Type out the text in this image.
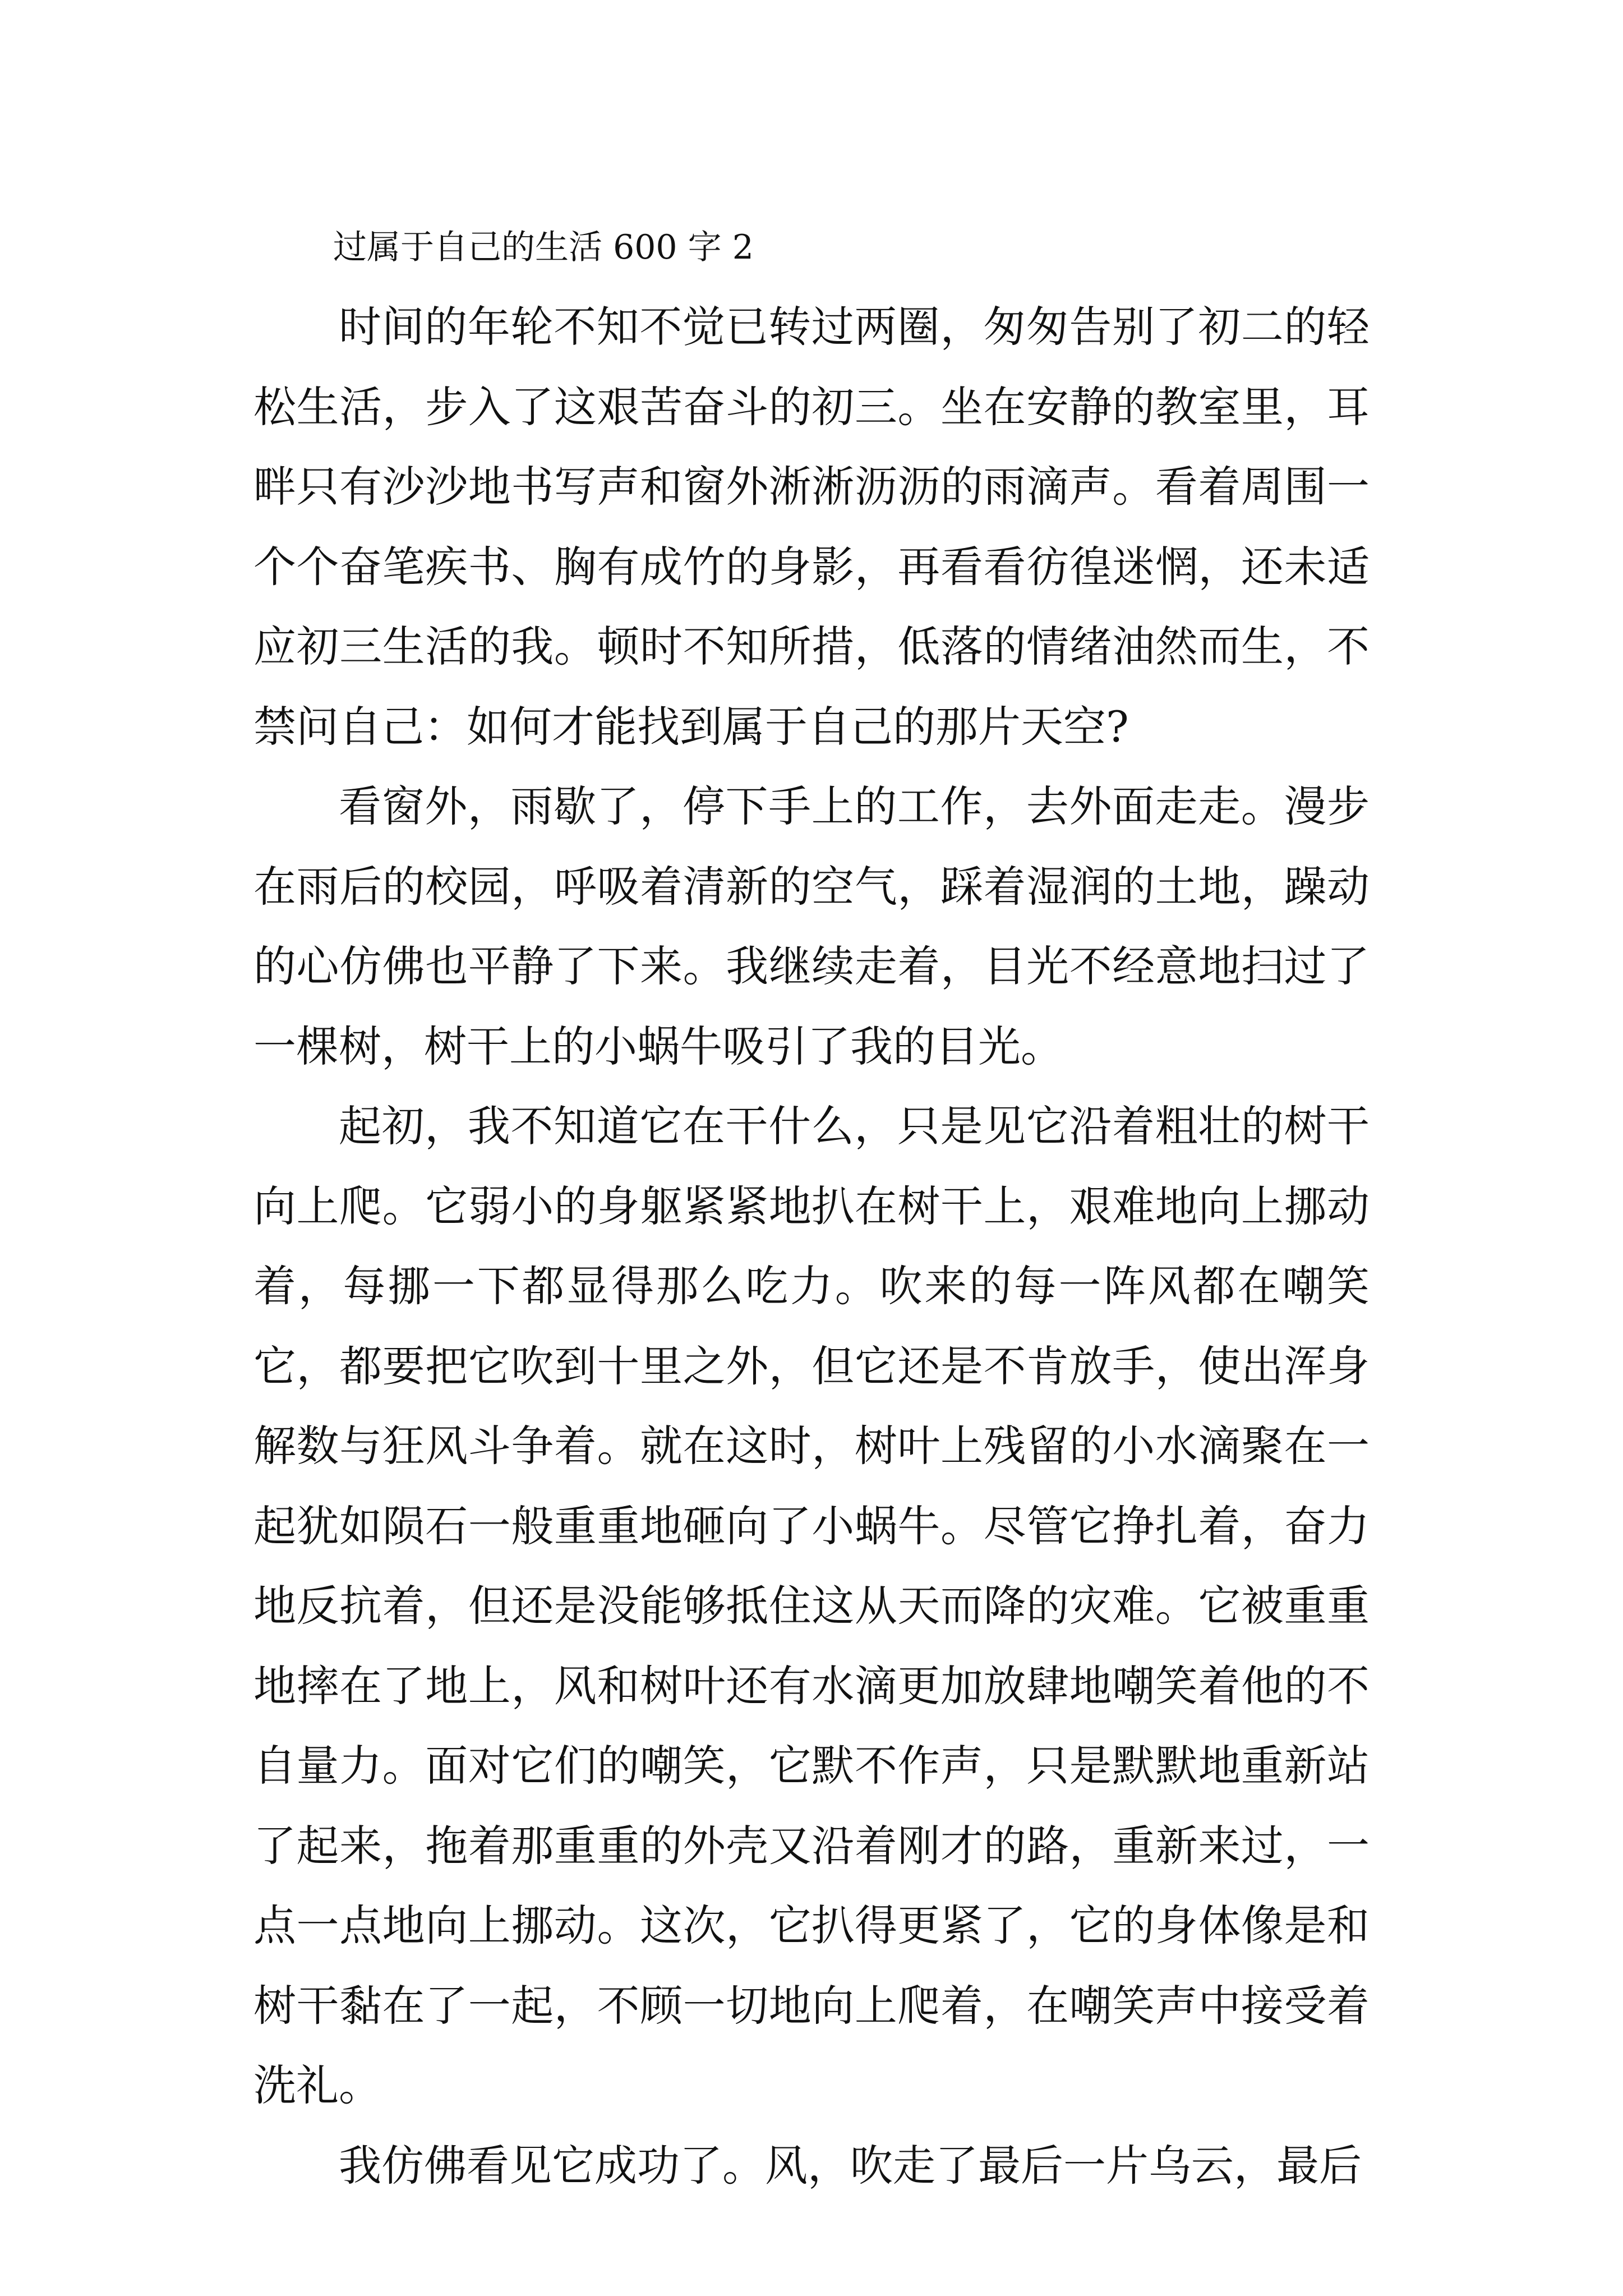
过属于自己的生活 600 字 2

时间的年轮不知不觉已转过两圈，匆匆告别了初二的轻松生活，步入了这艰苦奋斗的初三。坐在安静的教室里，耳畔只有沙沙地书写声和窗外淅淅沥沥的雨滴声。看着周围一个个奋笔疾书、胸有成竹的身影，再看看彷徨迷惘，还未适应初三生活的我。顿时不知所措，低落的情绪油然而生，不禁问自己：如何才能找到属于自己的那片天空?

看窗外，雨歇了，停下手上的工作，去外面走走。漫步在雨后的校园，呼吸着清新的空气，踩着湿润的土地，躁动的心仿佛也平静了下来。我继续走着，目光不经意地扫过了一棵树，树干上的小蜗牛吸引了我的目光。

起初，我不知道它在干什么，只是见它沿着粗壮的树干向上爬。它弱小的身躯紧紧地扒在树干上，艰难地向上挪动着，每挪一下都显得那么吃力。吹来的每一阵风都在嘲笑它，都要把它吹到十里之外，但它还是不肯放手，使出浑身解数与狂风斗争着。就在这时，树叶上残留的小水滴聚在一起犹如陨石一般重重地砸向了小蜗牛。尽管它挣扎着，奋力地反抗着，但还是没能够抵住这从天而降的灾难。它被重重地摔在了地上，风和树叶还有水滴更加放肆地嘲笑着他的不自量力。面对它们的嘲笑，它默不作声，只是默默地重新站了起来，拖着那重重的外壳又沿着刚才的路，重新来过，一点一点地向上挪动。这次，它扒得更紧了，它的身体像是和树干黏在了一起，不顾一切地向上爬着，在嘲笑声中接受着洗礼。

我仿佛看见它成功了。风，吹走了最后一片乌云，最后
